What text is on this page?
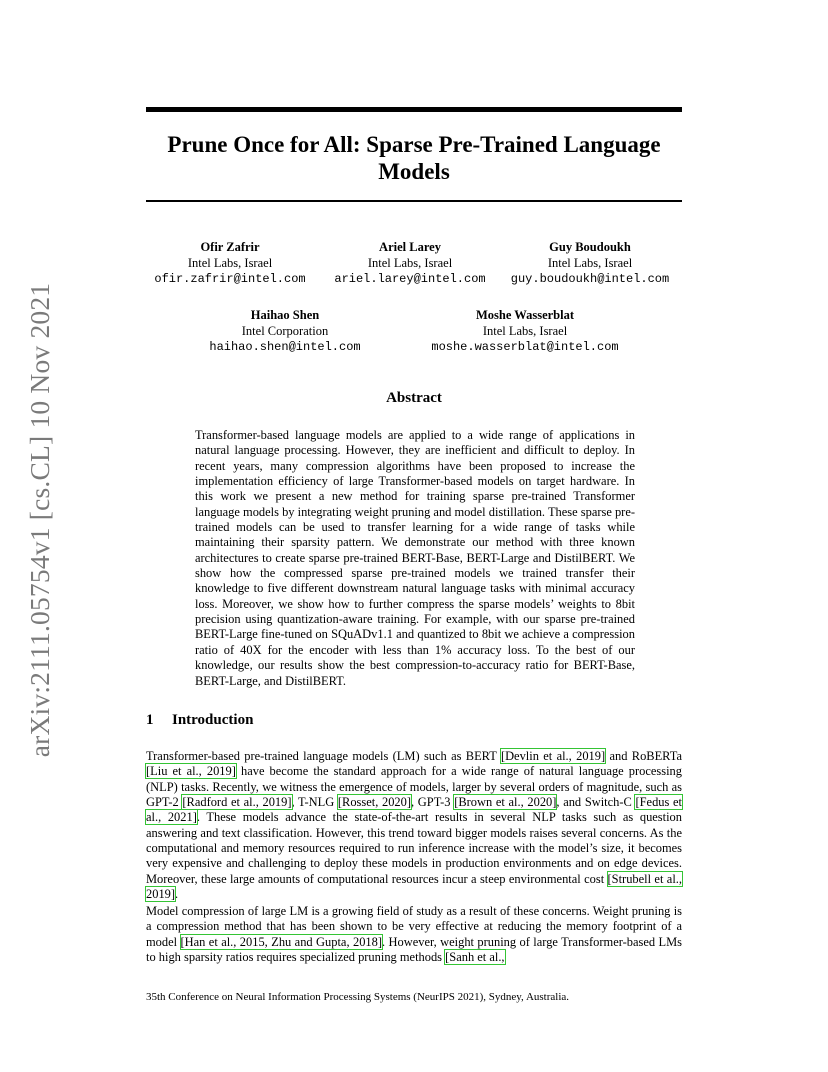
arXiv:2111.05754v1 [cs.CL] 10 Nov 2021
Prune Once for All: Sparse Pre-Trained Language Models
Ofir Zafrir
Intel Labs, Israel
ofir.zafrir@intel.com
Ariel Larey
Intel Labs, Israel
ariel.larey@intel.com
Guy Boudoukh
Intel Labs, Israel
guy.boudoukh@intel.com
Haihao Shen
Intel Corporation
haihao.shen@intel.com
Moshe Wasserblat
Intel Labs, Israel
moshe.wasserblat@intel.com
Abstract
Transformer-based language models are applied to a wide range of applications in natural language processing. However, they are inefficient and difficult to deploy. In recent years, many compression algorithms have been proposed to increase the implementation efficiency of large Transformer-based models on target hardware. In this work we present a new method for training sparse pre-trained Transformer language models by integrating weight pruning and model distillation. These sparse pre-trained models can be used to transfer learning for a wide range of tasks while maintaining their sparsity pattern. We demonstrate our method with three known architectures to create sparse pre-trained BERT-Base, BERT-Large and DistilBERT. We show how the compressed sparse pre-trained models we trained transfer their knowledge to five different downstream natural language tasks with minimal accuracy loss. Moreover, we show how to further compress the sparse models’ weights to 8bit precision using quantization-aware training. For example, with our sparse pre-trained BERT-Large fine-tuned on SQuADv1.1 and quantized to 8bit we achieve a compression ratio of 40X for the encoder with less than 1% accuracy loss. To the best of our knowledge, our results show the best compression-to-accuracy ratio for BERT-Base, BERT-Large, and DistilBERT.
1 Introduction
Transformer-based pre-trained language models (LM) such as BERT [Devlin et al., 2019] and RoBERTa [Liu et al., 2019] have become the standard approach for a wide range of natural language processing (NLP) tasks. Recently, we witness the emergence of models, larger by several orders of magnitude, such as GPT-2 [Radford et al., 2019], T-NLG [Rosset, 2020], GPT-3 [Brown et al., 2020], and Switch-C [Fedus et al., 2021]. These models advance the state-of-the-art results in several NLP tasks such as question answering and text classification. However, this trend toward bigger models raises several concerns. As the computational and memory resources required to run inference increase with the model’s size, it becomes very expensive and challenging to deploy these models in production environments and on edge devices. Moreover, these large amounts of computational resources incur a steep environmental cost [Strubell et al., 2019].
Model compression of large LM is a growing field of study as a result of these concerns. Weight pruning is a compression method that has been shown to be very effective at reducing the memory footprint of a model [Han et al., 2015, Zhu and Gupta, 2018]. However, weight pruning of large Transformer-based LMs to high sparsity ratios requires specialized pruning methods [Sanh et al.,
35th Conference on Neural Information Processing Systems (NeurIPS 2021), Sydney, Australia.
